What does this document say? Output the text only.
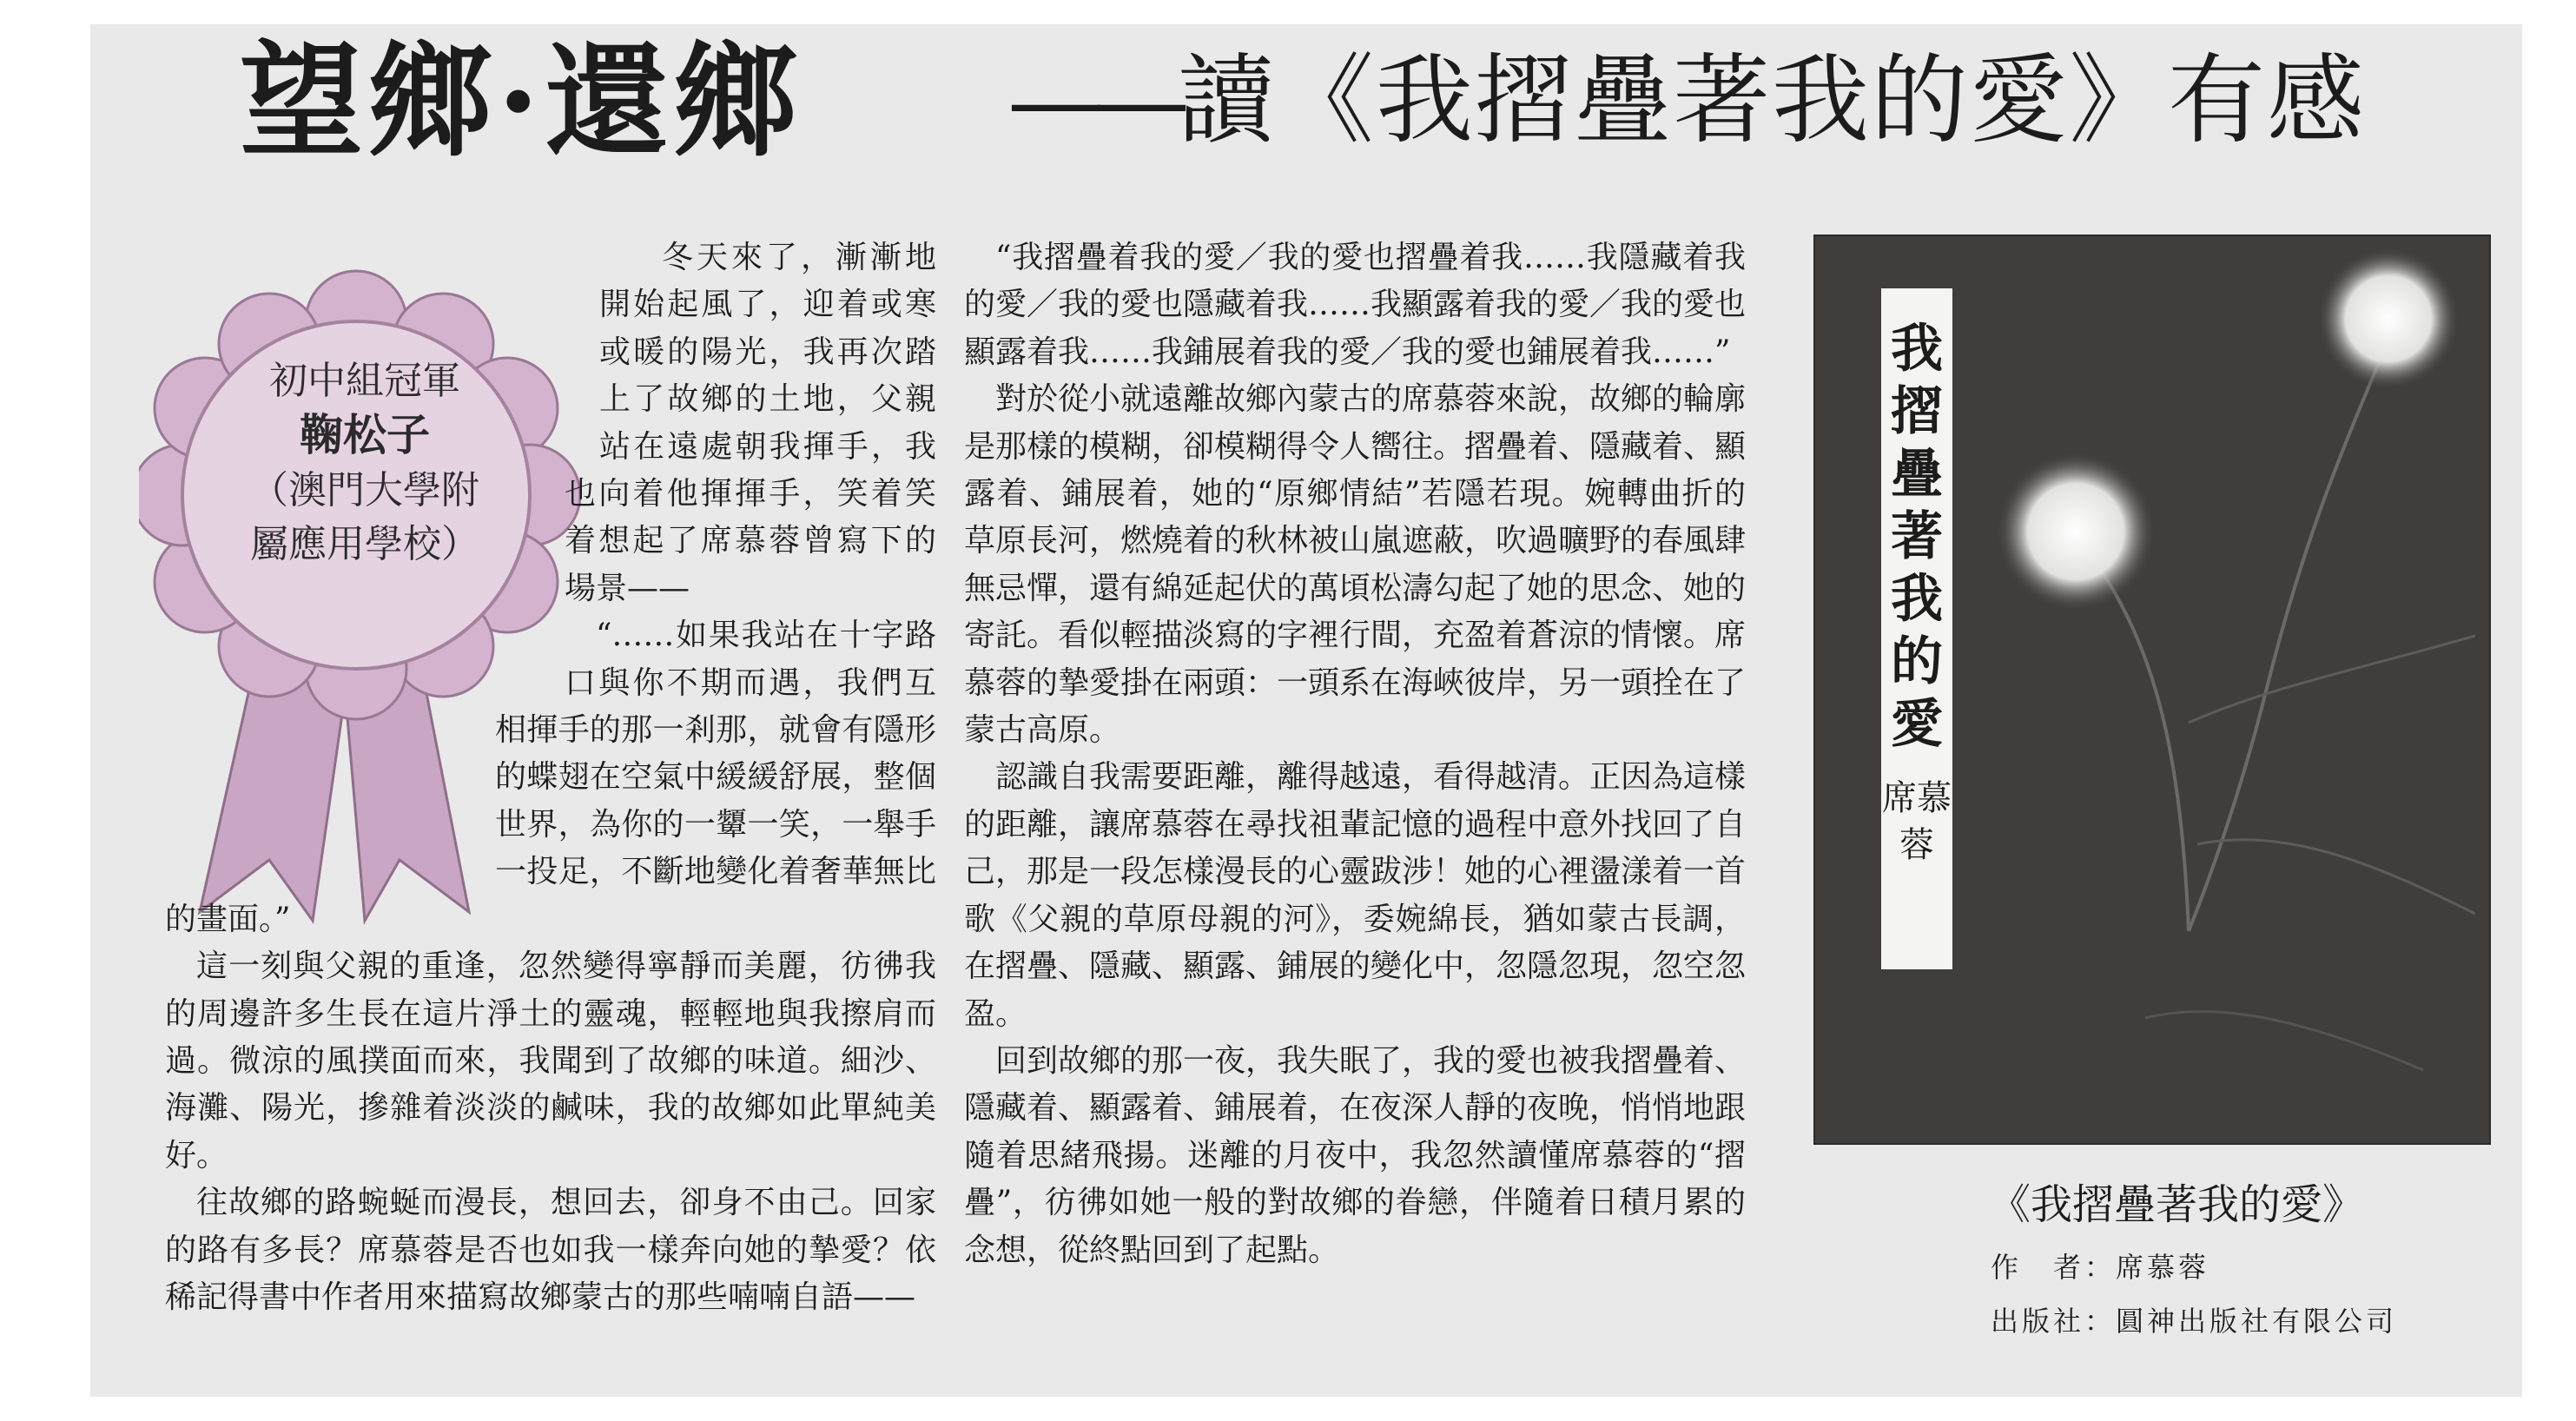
望鄉·還鄉 ——讀《我摺疊著我的愛》有感
初中組冠軍
鞠松子
（澳門大學附
屬應用學校）

冬天來了，漸漸地開始起風了，迎着或寒或暖的陽光，我再次踏上了故鄉的土地，父親站在遠處朝我揮手，我也向着他揮揮手，笑着笑着想起了席慕蓉曾寫下的場景——

“……如果我站在十字路口與你不期而遇，我們互相揮手的那一剎那，就會有隱形的蝶翅在空氣中緩緩舒展，整個世界，為你的一顰一笑，一舉手一投足，不斷地變化着奢華無比的畫面。”

這一刻與父親的重逢，忽然變得寧靜而美麗，彷彿我的周邊許多生長在這片淨土的靈魂，輕輕地與我擦肩而過。微涼的風撲面而來，我聞到了故鄉的味道。細沙、海灘、陽光，摻雜着淡淡的鹹味，我的故鄉如此單純美好。

往故鄉的路蜿蜒而漫長，想回去，卻身不由己。回家的路有多長？席慕蓉是否也如我一樣奔向她的摯愛？依稀記得書中作者用來描寫故鄉蒙古的那些喃喃自語——

“我摺疊着我的愛／我的愛也摺疊着我……我隱藏着我的愛／我的愛也隱藏着我……我顯露着我的愛／我的愛也顯露着我……我鋪展着我的愛／我的愛也鋪展着我……”

對於從小就遠離故鄉內蒙古的席慕蓉來說，故鄉的輪廓是那樣的模糊，卻模糊得令人嚮往。摺疊着、隱藏着、顯露着、鋪展着，她的“原鄉情結”若隱若現。婉轉曲折的草原長河，燃燒着的秋林被山嵐遮蔽，吹過曠野的春風肆無忌憚，還有綿延起伏的萬頃松濤勾起了她的思念、她的寄託。看似輕描淡寫的字裡行間，充盈着蒼涼的情懷。席慕蓉的摯愛掛在兩頭：一頭系在海峽彼岸，另一頭拴在了蒙古高原。

認識自我需要距離，離得越遠，看得越清。正因為這樣的距離，讓席慕蓉在尋找祖輩記憶的過程中意外找回了自己，那是一段怎樣漫長的心靈跋涉！她的心裡盪漾着一首歌《父親的草原母親的河》，委婉綿長，猶如蒙古長調，在摺疊、隱藏、顯露、鋪展的變化中，忽隱忽現，忽空忽盈。

回到故鄉的那一夜，我失眠了，我的愛也被我摺疊着、隱藏着、顯露着、鋪展着，在夜深人靜的夜晚，悄悄地跟隨着思緒飛揚。迷離的月夜中，我忽然讀懂席慕蓉的“摺疊”，彷彿如她一般的對故鄉的眷戀，伴隨着日積月累的念想，從終點回到了起點。

我摺疊著我的愛
席慕蓉
《我摺疊著我的愛》
作　者：席慕蓉
出版社：圓神出版社有限公司
